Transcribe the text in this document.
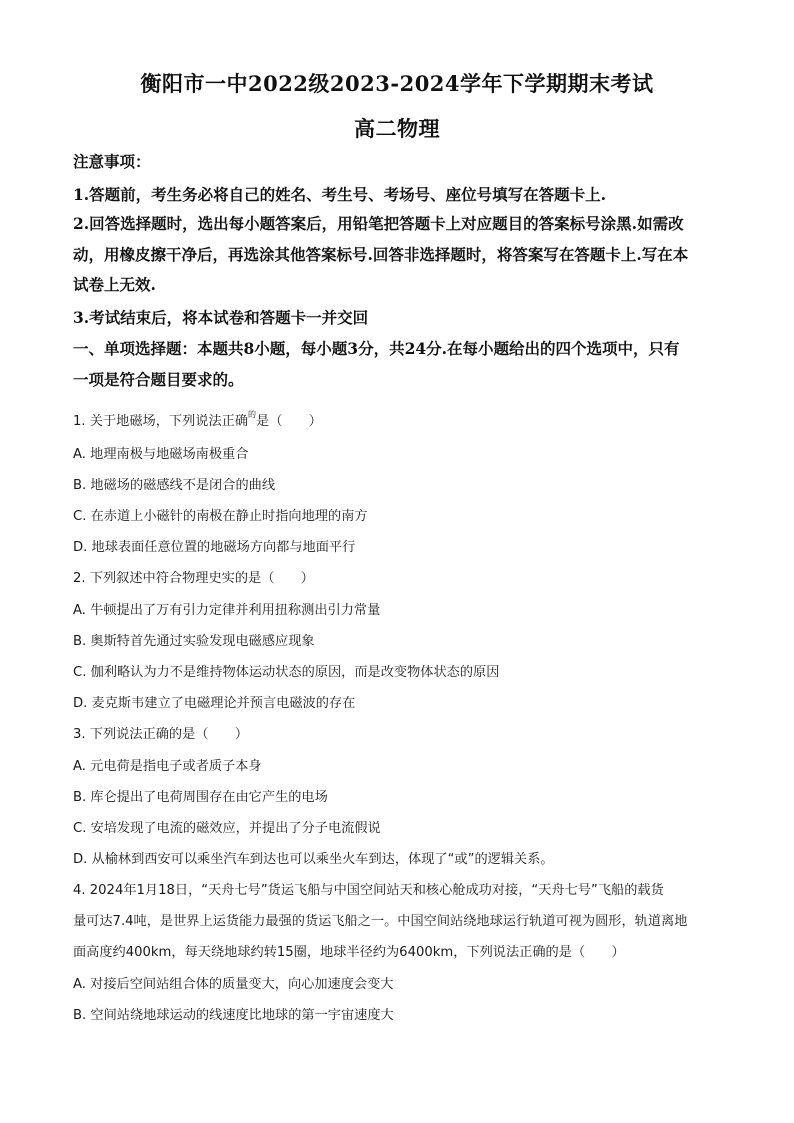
衡阳市一中2022级2023-2024学年下学期期末考试
高二物理
注意事项：
1.答题前，考生务必将自己的姓名、考生号、考场号、座位号填写在答题卡上.
2.回答选择题时，选出每小题答案后，用铅笔把答题卡上对应题目的答案标号涂黑.如需改
动，用橡皮擦干净后，再选涂其他答案标号.回答非选择题时，将答案写在答题卡上.写在本
试卷上无效.
3.考试结束后，将本试卷和答题卡一并交回
一、单项选择题：本题共8小题，每小题3分，共24分.在每小题给出的四个选项中，只有
一项是符合题目要求的。
1. 关于地磁场，下列说法正确$^的$是（　　）
A. 地理南极与地磁场南极重合
B. 地磁场的磁感线不是闭合的曲线
C. 在赤道上小磁针的南极在静止时指向地理的南方
D. 地球表面任意位置的地磁场方向都与地面平行
2. 下列叙述中符合物理史实的是（　　）
A. 牛顿提出了万有引力定律并利用扭称测出引力常量
B. 奥斯特首先通过实验发现电磁感应现象
C. 伽利略认为力不是维持物体运动状态的原因，而是改变物体状态的原因
D. 麦克斯韦建立了电磁理论并预言电磁波的存在
3. 下列说法正确的是（　　）
A. 元电荷是指电子或者质子本身
B. 库仑提出了电荷周围存在由它产生的电场
C. 安培发现了电流的磁效应，并提出了分子电流假说
D. 从榆林到西安可以乘坐汽车到达也可以乘坐火车到达，体现了“或”的逻辑关系。
4. 2024年1月18日，“天舟七号”货运飞船与中国空间站天和核心舱成功对接，“天舟七号”飞船的载货
量可达7.4吨，是世界上运货能力最强的货运飞船之一。中国空间站绕地球运行轨道可视为圆形，轨道离地
面高度约400km，每天绕地球约转15圈，地球半径约为6400km，下列说法正确的是（　　）
A. 对接后空间站组合体的质量变大，向心加速度会变大
B. 空间站绕地球运动的线速度比地球的第一宇宙速度大
